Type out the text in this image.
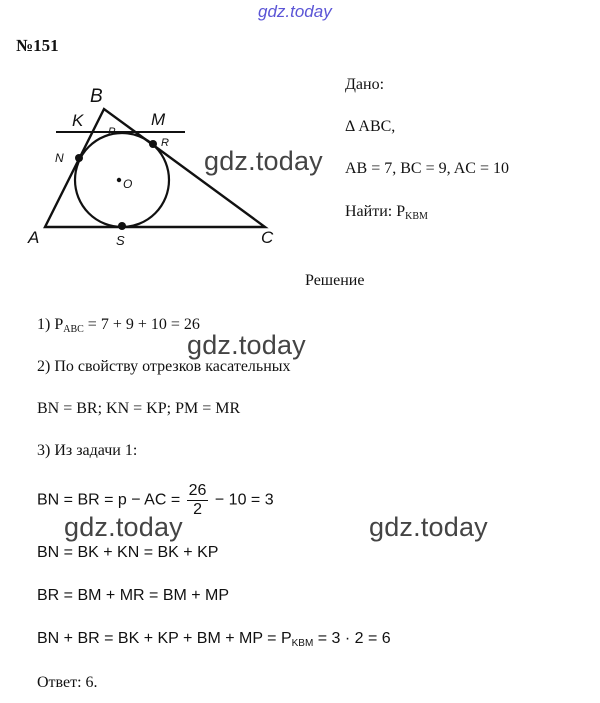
gdz.today
№151
B
K	M
P
R
N
O
A	S	C
Дано:
Δ ABC,
AB = 7, BC = 9, AC = 10
Найти: $P_{KBM}$
gdz.today
Решение
1) $P_{ABC} = 7 + 9 + 10 = 26$
gdz.today
2) По свойству отрезков касательных
BN = BR; KN = KP; PM = MR
3) Из задачи 1:
BN = BR = p − AC = $\frac{26}{2} - 10 = 3$
gdz.today	gdz.today
BN = BK + KN = BK + KP
BR = BM + MR = BM + MP
BN + BR = BK + KP + BM + MP = $P_{KBM} = 3 \cdot 2 = 6$
Ответ: 6.
